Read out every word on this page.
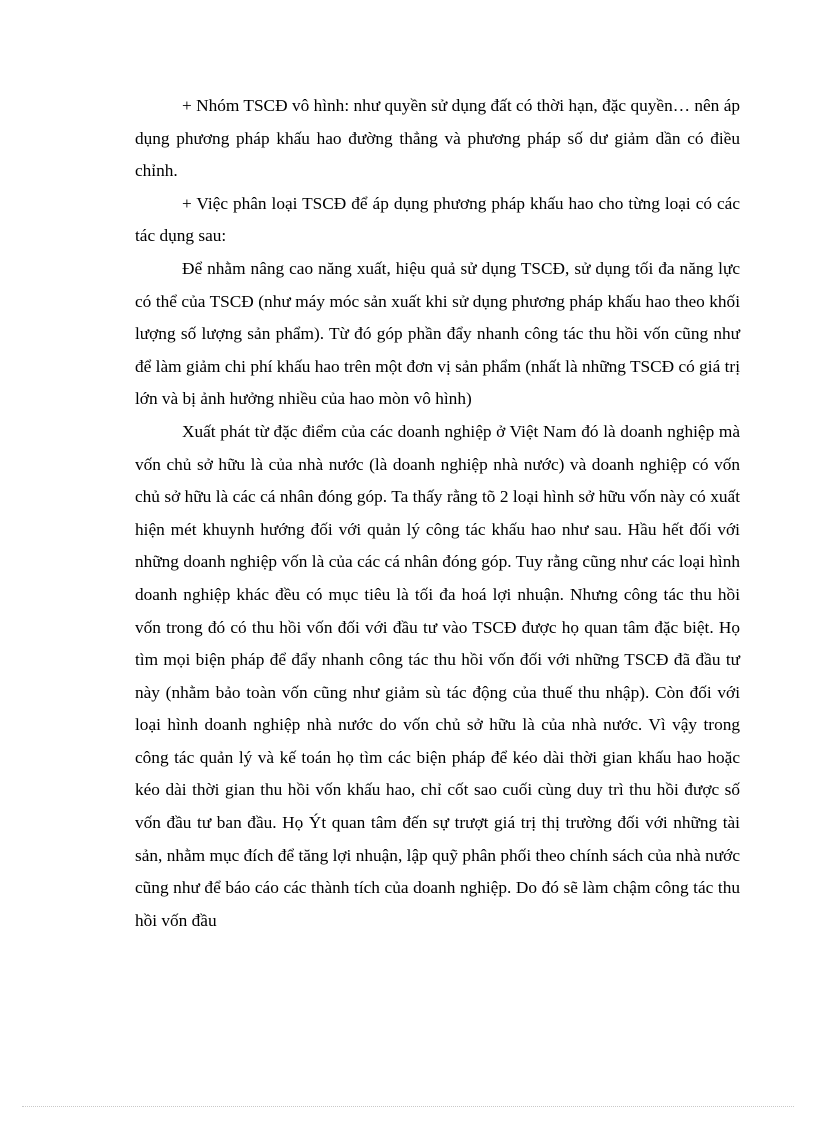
+ Nhóm TSCĐ vô hình: như quyền sử dụng đất có thời hạn, đặc quyền… nên áp dụng phương pháp khấu hao đường thẳng và phương pháp số dư giảm dần có điều chỉnh.

+ Việc phân loại TSCĐ để áp dụng phương pháp khấu hao cho từng loại có các tác dụng sau:

Để nhằm nâng cao năng xuất, hiệu quả sử dụng TSCĐ, sử dụng tối đa năng lực có thể của TSCĐ (như máy móc sản xuất khi sử dụng phương pháp khấu hao theo khối lượng số lượng sản phẩm). Từ đó góp phần đẩy nhanh công tác thu hồi vốn cũng như để làm giảm chi phí khấu hao trên một đơn vị sản phẩm (nhất là những TSCĐ có giá trị lớn và bị ảnh hưởng nhiều của hao mòn vô hình)

Xuất phát từ đặc điểm của các doanh nghiệp ở Việt Nam đó là doanh nghiệp mà vốn chủ sở hữu là của nhà nước (là doanh nghiệp nhà nước) và doanh nghiệp có vốn chủ sở hữu là các cá nhân đóng góp. Ta thấy rằng tõ 2 loại hình sở hữu vốn này có xuất hiện mét khuynh hướng đối với quản lý công tác khấu hao như sau. Hầu hết đối với những doanh nghiệp vốn là của các cá nhân đóng góp. Tuy rằng cũng như các loại hình doanh nghiệp khác đều có mục tiêu là tối đa hoá lợi nhuận. Nhưng công tác thu hồi vốn trong đó có thu hồi vốn đối với đầu tư vào TSCĐ được họ quan tâm đặc biệt. Họ tìm mọi biện pháp để đẩy nhanh công tác thu hồi vốn đối với những TSCĐ đã đầu tư này (nhằm bảo toàn vốn cũng như giảm sù tác động của thuế thu nhập). Còn đối với loại hình doanh nghiệp nhà nước do vốn chủ sở hữu là của nhà nước. Vì vậy trong công tác quản lý và kế toán họ tìm các biện pháp để kéo dài thời gian khấu hao hoặc kéo dài thời gian thu hồi vốn khấu hao, chỉ cốt sao cuối cùng duy trì thu hồi được số vốn đầu tư ban đầu. Họ Ýt quan tâm đến sự trượt giá trị thị trường đối với những tài sản, nhằm mục đích để tăng lợi nhuận, lập quỹ phân phối theo chính sách của nhà nước cũng như để báo cáo các thành tích của doanh nghiệp. Do đó sẽ làm chậm công tác thu hồi vốn đầu
